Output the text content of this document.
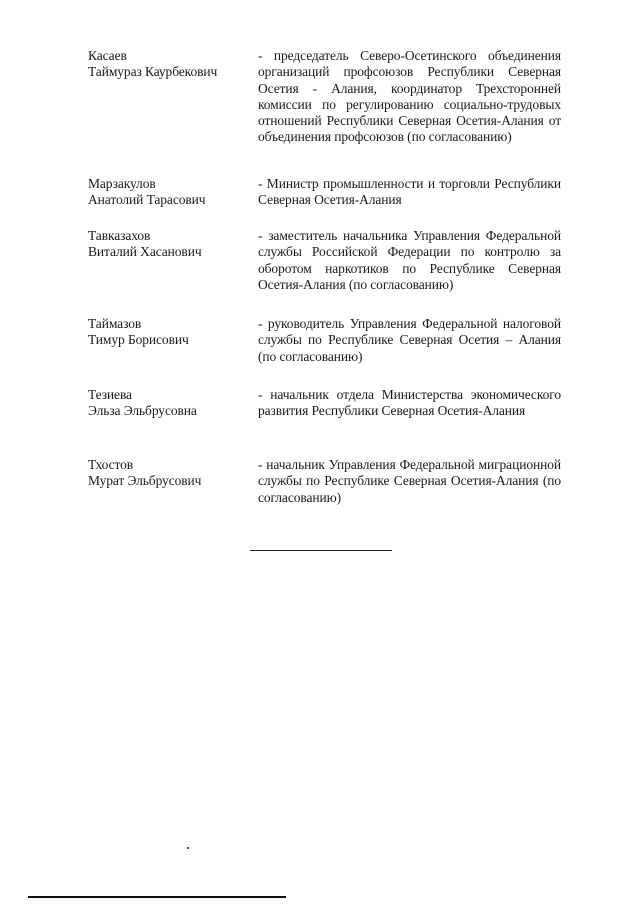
Касаев
Таймураз Каурбекович
- председатель Северо-Осетинского объединения организаций профсоюзов Республики Северная Осетия - Алания, координатор Трехсторонней комиссии по регулированию социально-трудовых отношений Республики Северная Осетия-Алания от объединения профсоюзов (по согласованию)
Марзакулов
Анатолий Тарасович
- Министр промышленности и торговли Республики Северная Осетия-Алания
Тавказахов
Виталий Хасанович
- заместитель начальника Управления Федеральной службы Российской Федерации по контролю за оборотом наркотиков по Республике Северная Осетия-Алания (по согласованию)
Таймазов
Тимур Борисович
- руководитель Управления Федеральной налоговой службы по Республике Северная Осетия – Алания (по согласованию)
Тезиева
Эльза Эльбрусовна
- начальник отдела Министерства экономического развития Республики Северная Осетия-Алания
Тхостов
Мурат Эльбрусович
- начальник Управления Федеральной миграционной службы по Республике Северная Осетия-Алания (по согласованию)
